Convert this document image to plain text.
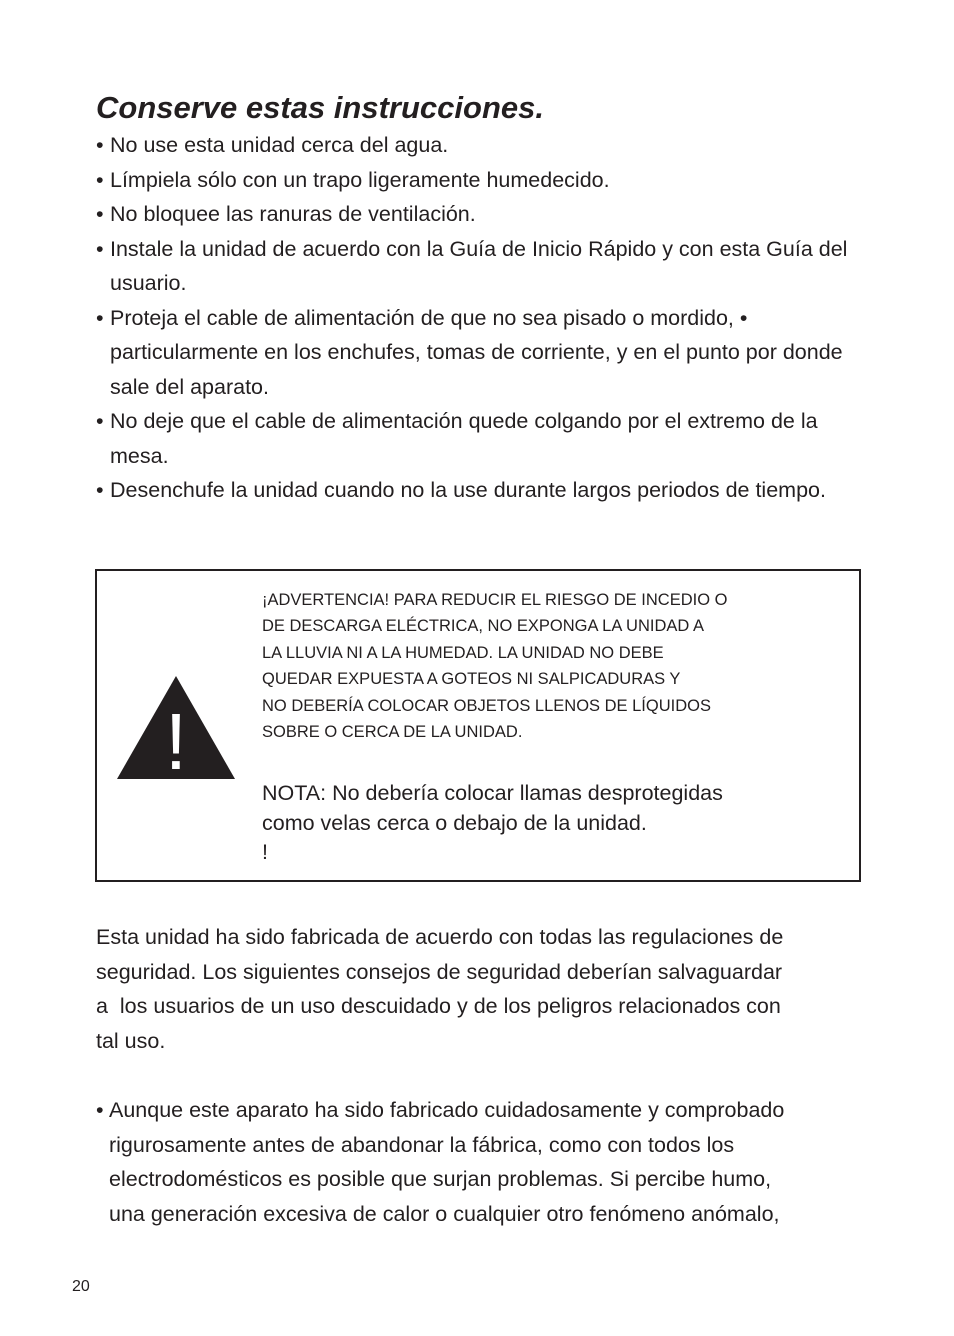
Conserve estas instrucciones.
• No use esta unidad cerca del agua.
• Límpiela sólo con un trapo ligeramente humedecido.
• No bloquee las ranuras de ventilación.
• Instale la unidad de acuerdo con la Guía de Inicio Rápido y con esta Guía del usuario.
• Proteja el cable de alimentación de que no sea pisado o mordido, • particularmente en los enchufes, tomas de corriente, y en el punto por donde sale del aparato.
• No deje que el cable de alimentación quede colgando por el extremo de la mesa.
• Desenchufe la unidad cuando no la use durante largos periodos de tiempo.
!
¡ADVERTENCIA! PARA REDUCIR EL RIESGO DE INCEDIO O
DE DESCARGA ELÉCTRICA, NO EXPONGA LA UNIDAD A
LA LLUVIA NI A LA HUMEDAD. LA UNIDAD NO DEBE
QUEDAR EXPUESTA A GOTEOS NI SALPICADURAS Y
NO DEBERÍA COLOCAR OBJETOS LLENOS DE LÍQUIDOS
SOBRE O CERCA DE LA UNIDAD.
NOTA: No debería colocar llamas desprotegidas
como velas cerca o debajo de la unidad.
!
Esta unidad ha sido fabricada de acuerdo con todas las regulaciones de
seguridad. Los siguientes consejos de seguridad deberían salvaguardar
a  los usuarios de un uso descuidado y de los peligros relacionados con
tal uso.
• Aunque este aparato ha sido fabricado cuidadosamente y comprobado
rigurosamente antes de abandonar la fábrica, como con todos los
electrodomésticos es posible que surjan problemas. Si percibe humo,
una generación excesiva de calor o cualquier otro fenómeno anómalo,
20
